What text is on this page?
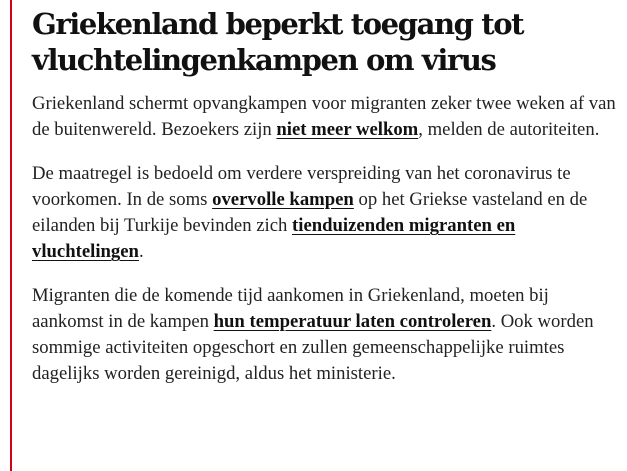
Griekenland beperkt toegang tot vluchtelingenkampen om virus

Griekenland schermt opvangkampen voor migranten zeker twee weken af van de buitenwereld. Bezoekers zijn niet meer welkom, melden de autoriteiten.

De maatregel is bedoeld om verdere verspreiding van het coronavirus te voorkomen. In de soms overvolle kampen op het Griekse vasteland en de eilanden bij Turkije bevinden zich tienduizenden migranten en vluchtelingen.

Migranten die de komende tijd aankomen in Griekenland, moeten bij aankomst in de kampen hun temperatuur laten controleren. Ook worden sommige activiteiten opgeschort en zullen gemeenschappelijke ruimtes dagelijks worden gereinigd, aldus het ministerie.
